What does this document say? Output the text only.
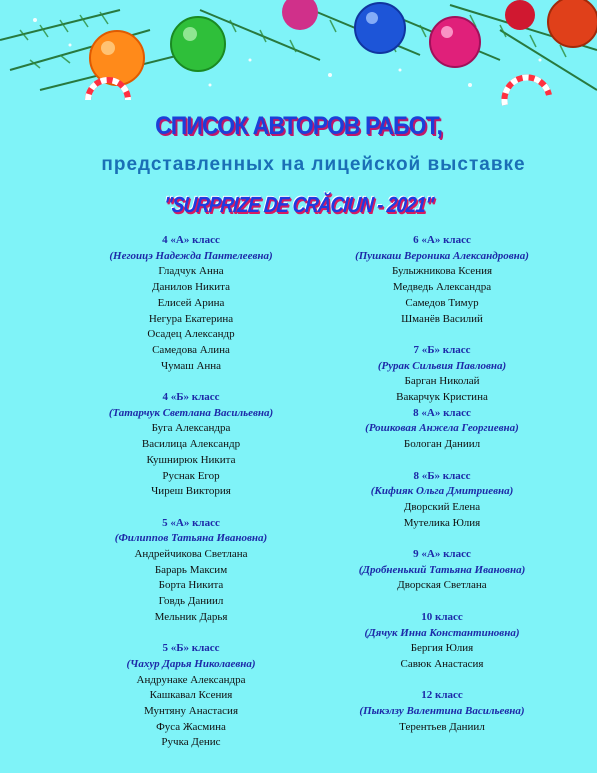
СПИСОК АВТОРОВ РАБОТ,
представленных на лицейской выставке
"SURPRIZE DE CRĂCIUN - 2021"
4 «А» класс
(Негоицэ Надежда Пантелеевна)
Гладчук Анна
Данилов Никита
Елисей Арина
Негура Екатерина
Осадец Александр
Самедова Алина
Чумаш Анна
4 «Б» класс
(Татарчук Светлана Васильевна)
Буга Александра
Василица Александр
Кушнирюк Никита
Руснак Егор
Чиреш Виктория
5 «А» класс
(Филиппов Татьяна Ивановна)
Андрейчикова Светлана
Барарь Максим
Борта Никита
Говдь Даниил
Мельник Дарья
5 «Б» класс
(Чахур Дарья Николаевна)
Андрунаке Александра
Кашкавал Ксения
Мунтяну Анастасия
Фуса Жасмина
Ручка Денис
6 «А» класс
(Пушкаш Вероника Александровна)
Булыжникова Ксения
Медведь Александра
Самедов Тимур
Шманёв Василий
7 «Б» класс
(Рурак Сильвия Павловна)
Барган Николай
Вакарчук Кристина
8 «А» класс
(Рошковая Анжела Георгиевна)
Бологан Даниил
8 «Б» класс
(Кифияк Ольга Дмитриевна)
Дворский Елена
Мутелика Юлия
9 «А» класс
(Дробненький Татьяна Ивановна)
Дворская Светлана
10 класс
(Дячук Инна Константиновна)
Бергия Юлия
Савюк Анастасия
12 класс
(Пыкэлзу Валентина Васильевна)
Терентьев Даниил
